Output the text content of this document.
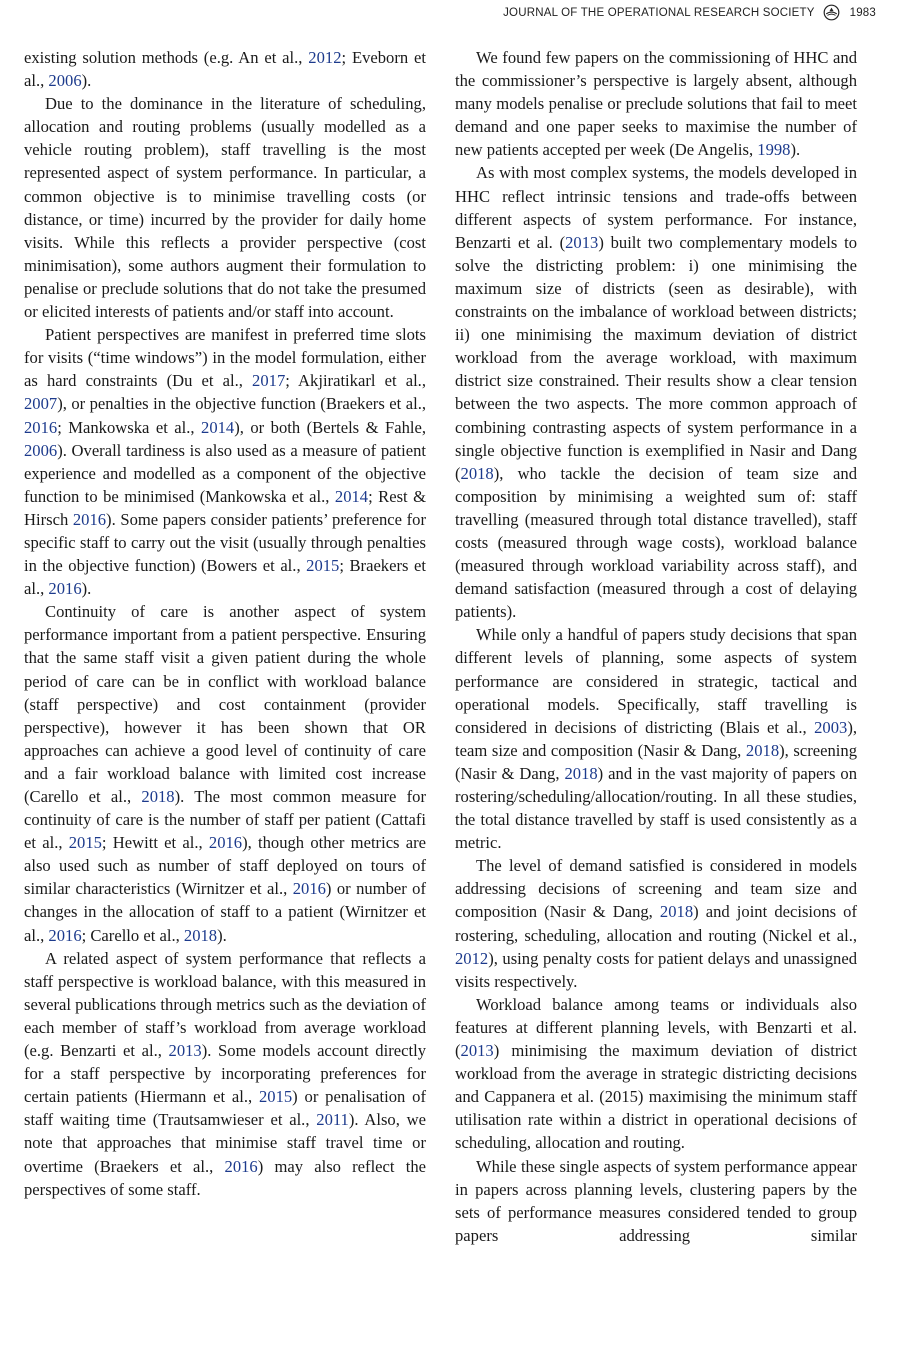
JOURNAL OF THE OPERATIONAL RESEARCH SOCIETY	1983

existing solution methods (e.g. An et al., 2012; Eveborn et al., 2006).

Due to the dominance in the literature of scheduling, allocation and routing problems (usually modelled as a vehicle routing problem), staff travelling is the most represented aspect of system performance. In particular, a common objective is to minimise travelling costs (or distance, or time) incurred by the provider for daily home visits. While this reflects a provider perspective (cost minimisation), some authors augment their formulation to penalise or preclude solutions that do not take the presumed or elicited interests of patients and/or staff into account.

Patient perspectives are manifest in preferred time slots for visits (“time windows”) in the model formulation, either as hard constraints (Du et al., 2017; Akjiratikarl et al., 2007), or penalties in the objective function (Braekers et al., 2016; Mankowska et al., 2014), or both (Bertels & Fahle, 2006). Overall tardiness is also used as a measure of patient experience and modelled as a component of the objective function to be minimised (Mankowska et al., 2014; Rest & Hirsch 2016). Some papers consider patients’ preference for specific staff to carry out the visit (usually through penalties in the objective function) (Bowers et al., 2015; Braekers et al., 2016).

Continuity of care is another aspect of system performance important from a patient perspective. Ensuring that the same staff visit a given patient during the whole period of care can be in conflict with workload balance (staff perspective) and cost containment (provider perspective), however it has been shown that OR approaches can achieve a good level of continuity of care and a fair workload balance with limited cost increase (Carello et al., 2018). The most common measure for continuity of care is the number of staff per patient (Cattafi et al., 2015; Hewitt et al., 2016), though other metrics are also used such as number of staff deployed on tours of similar characteristics (Wirnitzer et al., 2016) or number of changes in the allocation of staff to a patient (Wirnitzer et al., 2016; Carello et al., 2018).

A related aspect of system performance that reflects a staff perspective is workload balance, with this measured in several publications through metrics such as the deviation of each member of staff’s workload from average workload (e.g. Benzarti et al., 2013). Some models account directly for a staff perspective by incorporating preferences for certain patients (Hiermann et al., 2015) or penalisation of staff waiting time (Trautsamwieser et al., 2011). Also, we note that approaches that minimise staff travel time or overtime (Braekers et al., 2016) may also reflect the perspectives of some staff.

We found few papers on the commissioning of HHC and the commissioner’s perspective is largely absent, although many models penalise or preclude solutions that fail to meet demand and one paper seeks to maximise the number of new patients accepted per week (De Angelis, 1998).

As with most complex systems, the models developed in HHC reflect intrinsic tensions and trade-offs between different aspects of system performance. For instance, Benzarti et al. (2013) built two complementary models to solve the districting problem: i) one minimising the maximum size of districts (seen as desirable), with constraints on the imbalance of workload between districts; ii) one minimising the maximum deviation of district workload from the average workload, with maximum district size constrained. Their results show a clear tension between the two aspects. The more common approach of combining contrasting aspects of system performance in a single objective function is exemplified in Nasir and Dang (2018), who tackle the decision of team size and composition by minimising a weighted sum of: staff travelling (measured through total distance travelled), staff costs (measured through wage costs), workload balance (measured through workload variability across staff), and demand satisfaction (measured through a cost of delaying patients).

While only a handful of papers study decisions that span different levels of planning, some aspects of system performance are considered in strategic, tactical and operational models. Specifically, staff travelling is considered in decisions of districting (Blais et al., 2003), team size and composition (Nasir & Dang, 2018), screening (Nasir & Dang, 2018) and in the vast majority of papers on rostering/scheduling/allocation/routing. In all these studies, the total distance travelled by staff is used consistently as a metric.

The level of demand satisfied is considered in models addressing decisions of screening and team size and composition (Nasir & Dang, 2018) and joint decisions of rostering, scheduling, allocation and routing (Nickel et al., 2012), using penalty costs for patient delays and unassigned visits respectively.

Workload balance among teams or individuals also features at different planning levels, with Benzarti et al. (2013) minimising the maximum deviation of district workload from the average in strategic districting decisions and Cappanera et al. (2015) maximising the minimum staff utilisation rate within a district in operational decisions of scheduling, allocation and routing.

While these single aspects of system performance appear in papers across planning levels, clustering papers by the sets of performance measures considered tended to group papers addressing similar
